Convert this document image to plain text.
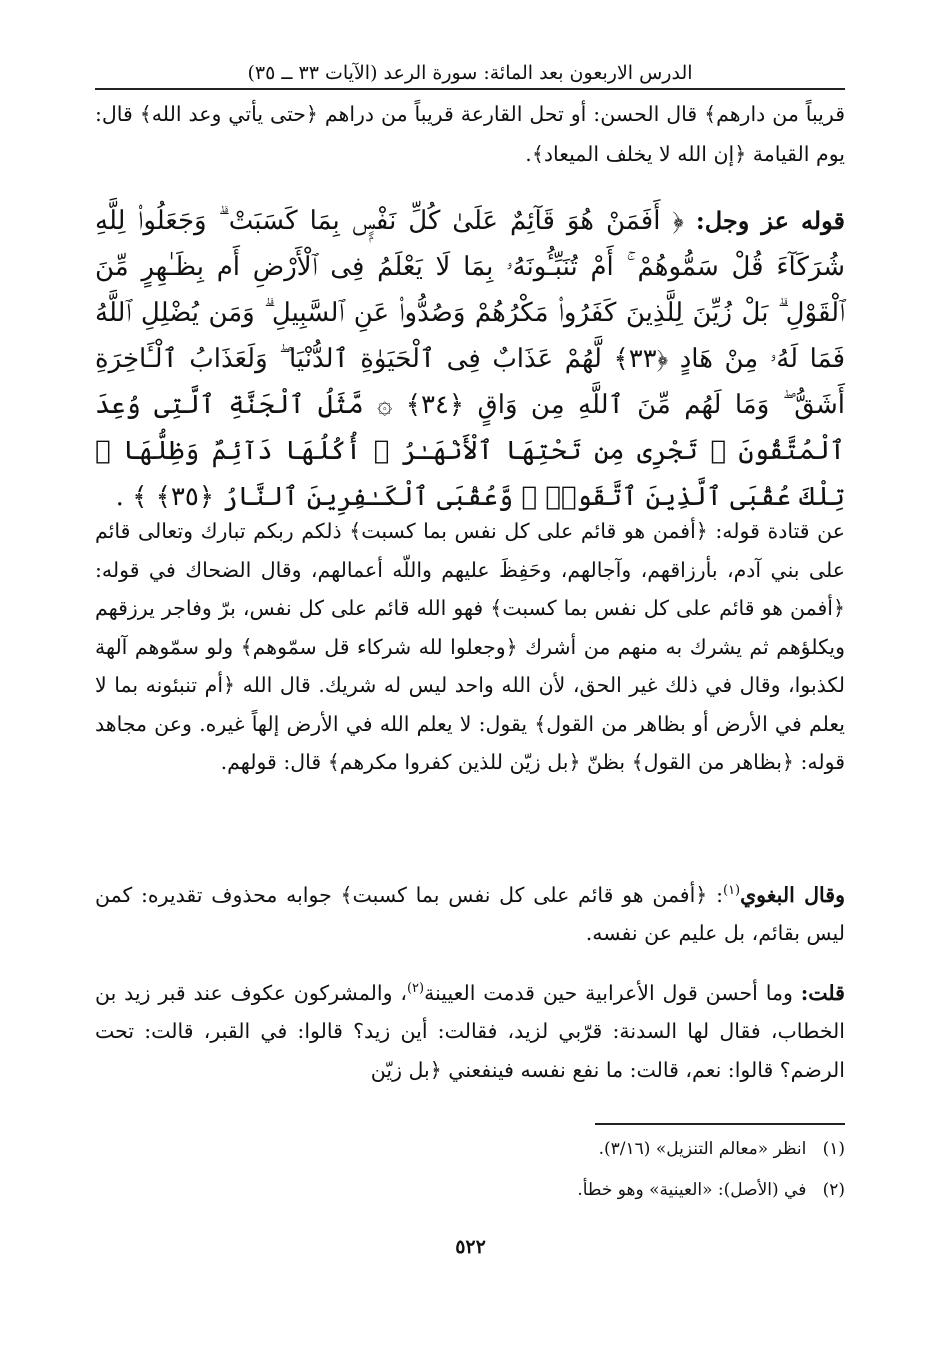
الدرس الاربعون بعد المائة: سورة الرعد (الآيات ٣٣ ــ ٣٥)
قريباً من دارهم﴾ قال الحسن: أو تحل القارعة قريباً من دراهم ﴿حتى يأتي وعد الله﴾ قال: يوم القيامة ﴿إن الله لا يخلف الميعاد﴾.
قوله عز وجل: ﴿ أَفَمَنْ هُوَ قَآئِمٌ عَلَىٰ كُلِّ نَفْسٍۭ بِمَا كَسَبَتْ ۗ وَجَعَلُوا۟ لِلَّهِ شُرَكَآءَ قُلْ سَمُّوهُمْ ۚ أَمْ تُنَبِّـُٔونَهُۥ بِمَا لَا يَعْلَمُ فِى ٱلْأَرْضِ أَم بِظَـٰهِرٍ مِّنَ ٱلْقَوْلِ ۗ بَلْ زُيِّنَ لِلَّذِينَ كَفَرُوا۟ مَكْرُهُمْ وَصُدُّوا۟ عَنِ ٱلسَّبِيلِ ۗ وَمَن يُضْلِلِ ٱللَّهُ فَمَا لَهُۥ مِنْ هَادٍ ﴿٣٣﴾ لَّهُمْ عَذَابٌ فِى ٱلْحَيَوٰةِ ٱلدُّنْيَا ۖ وَلَعَذَابُ ٱلْـَٔاخِرَةِ أَشَقُّ ۖ وَمَا لَهُم مِّنَ ٱللَّهِ مِن وَاقٍ ﴿٣٤﴾ ۞ مَّثَلُ ٱلْجَنَّةِ ٱلَّتِى وُعِدَ ٱلْمُتَّقُونَ ۖ تَجْرِى مِن تَحْتِهَا ٱلْأَنْهَـٰرُ ۖ أُكُلُهَا دَآئِمٌ وَظِلُّهَا ۚ تِلْكَ عُقْبَى ٱلَّذِينَ ٱتَّقَوا۟ ۖ وَّعُقْبَى ٱلْكَـٰفِرِينَ ٱلنَّارُ ﴿٣٥﴾ ﴾ .
عن قتادة قوله: ﴿أفمن هو قائم على كل نفس بما كسبت﴾ ذلكم ربكم تبارك وتعالى قائم على بني آدم، بأرزاقهم، وآجالهم، وحَفِظَ عليهم واللّه أعمالهم، وقال الضحاك في قوله: ﴿أفمن هو قائم على كل نفس بما كسبت﴾ فهو الله قائم على كل نفس، برّ وفاجر يرزقهم ويكلؤهم ثم يشرك به منهم من أشرك ﴿وجعلوا لله شركاء قل سمّوهم﴾ ولو سمّوهم آلهة لكذبوا، وقال في ذلك غير الحق، لأن الله واحد ليس له شريك. قال الله ﴿أم تنبئونه بما لا يعلم في الأرض أو بظاهر من القول﴾ يقول: لا يعلم الله في الأرض إلهاً غيره. وعن مجاهد قوله: ﴿بظاهر من القول﴾ بظنّ ﴿بل زيّن للذين كفروا مكرهم﴾ قال: قولهم.
وقال البغوي$^{(١)}$: ﴿أفمن هو قائم على كل نفس بما كسبت﴾ جوابه محذوف تقديره: كمن ليس بقائم، بل عليم عن نفسه.
قلت: وما أحسن قول الأعرابية حين قدمت العيينة$^{(٢)}$، والمشركون عكوف عند قبر زيد بن الخطاب، فقال لها السدنة: قرّبي لزيد، فقالت: أين زيد؟ قالوا: في القبر، قالت: تحت الرضم؟ قالوا: نعم، قالت: ما نفع نفسه فينفعني ﴿بل زيّن
(١)   انظر «معالم التنزيل» (٣/١٦).
(٢)   في (الأصل): «العينية» وهو خطأ.
٥٢٢
